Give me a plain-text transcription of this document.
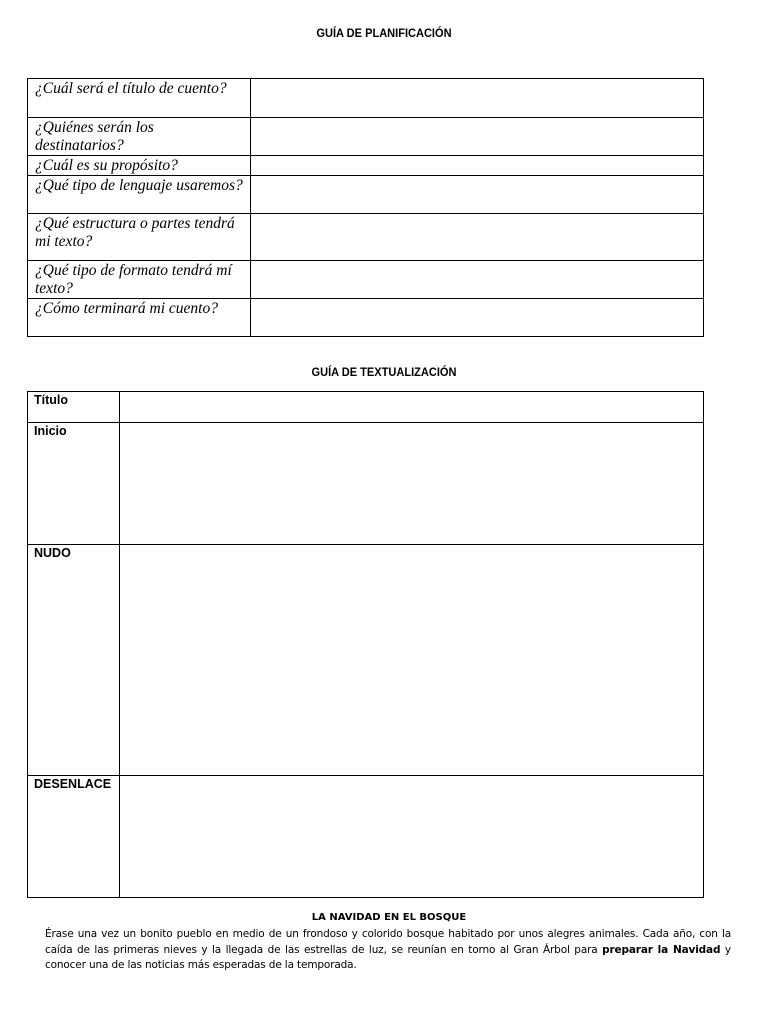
GUÍA DE PLANIFICACIÓN
¿Cuál será el título de cuento?	
¿Quiénes serán los destinatarios?	
¿Cuál es su propósito?	
¿Qué tipo de lenguaje usaremos?	
¿Qué estructura o partes tendrá mi texto?	
¿Qué tipo de formato tendrá mí texto?	
¿Cómo terminará mi cuento?	
GUÍA DE TEXTUALIZACIÓN
Título	
Inicio	
NUDO	
DESENLACE	
LA NAVIDAD EN EL BOSQUE
Érase una vez un bonito pueblo en medio de un frondoso y colorido bosque habitado por unos alegres animales. Cada año, con la caída de las primeras nieves y la llegada de las estrellas de luz, se reunían en torno al Gran Árbol para preparar la Navidad y conocer una de las noticias más esperadas de la temporada.
